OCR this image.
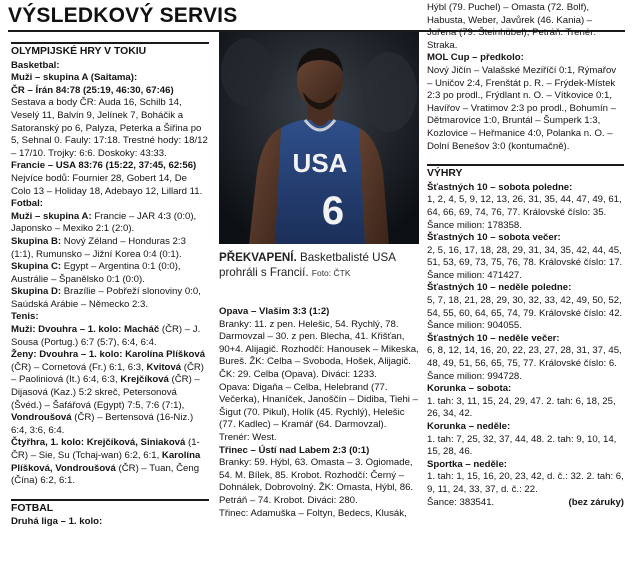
VÝSLEDKOVÝ SERVIS
OLYMPIJSKÉ HRY V TOKIU

Basketbal:

Muži – skupina A (Saitama):

ČR – Írán 84:78 (25:19, 46:30, 67:46)

Sestava a body ČR: Auda 16, Schilb 14, Veselý 11, Balvín 9, Jelínek 7, Boháčik a Satoranský po 6, Palyza, Peterka a Šiřina po 5, Sehnal 0. Fauly: 17:18. Trestné hody: 18/12 – 17/10. Trojky: 6:6. Doskoky: 43:33.

Francie – USA 83:76 (15:22, 37:45, 62:56)

Nejvíce bodů: Fournier 28, Gobert 14, De Colo 13 – Holiday 18, Adebayo 12, Lillard 11.

Fotbal:

Muži – skupina A: Francie – JAR 4:3 (0:0), Japonsko – Mexiko 2:1 (2:0).

Skupina B: Nový Zéland – Honduras 2:3 (1:1), Rumunsko – Jižní Korea 0:4 (0:1).

Skupina C: Egypt – Argentina 0:1 (0:0), Austrálie – Španělsko 0:1 (0:0).

Skupina D: Brazílie – Pobřeží slonoviny 0:0, Saúdská Arábie – Německo 2:3.

Tenis:

Muži: Dvouhra – 1. kolo: Macháč (ČR) – J. Sousa (Portug.) 6:7 (5:7), 6:4, 6:4.

Ženy: Dvouhra – 1. kolo: Karolína Plíšková (ČR) – Cornetová (Fr.) 6:1, 6:3, Kvitová (ČR) – Paoliniová (It.) 6:4, 6:3, Krejčíková (ČR) – Dijasová (Kaz.) 5:2 skreč, Petersonová (Švéd.) – Šafářová (Egypt) 7:5, 7:6 (7:1), Vondroušová (ČR) – Bertensová (16-Niz.) 6:4, 3:6, 6:4.

Čtyřhra, 1. kolo: Krejčíková, Siniaková (1-ČR) – Sie, Su (Tchaj-wan) 6:2, 6:1, Karolína Plíšková, Vondroušová (ČR) – Tuan, Čeng (Čína) 6:2, 6:1.

FOTBAL

Druhá liga – 1. kolo:

USA
6
PŘEKVAPENÍ. Basketbalisté USA prohráli s Francií. Foto: ČTK

Opava – Vlašim 3:3 (1:2)

Branky: 11. z pen. Helešic, 54. Rychlý, 78. Darmovzal – 30. z pen. Blecha, 41. Křišťan, 90+4. Alijagič. Rozhodčí: Hanousek – Mikeska, Bureš. ŽK: Celba – Svoboda, Hošek, Alijagič. ČK: 29. Celba (Opava). Diváci: 1233.

Opava: Digaňa – Celba, Helebrand (77. Večerka), Hnaníček, Janoščín – Didiba, Tiehi – Šigut (70. Pikul), Holík (45. Rychlý), Helešic (77. Kadlec) – Kramář (64. Darmovzal). Trenér: West.

Třinec – Ústí nad Labem 2:3 (0:1)

Branky: 59. Hýbl, 63. Omasta – 3. Ogiomade, 54. M. Bílek, 85. Krobot. Rozhodčí: Černý – Dohnálek, Dobrovolný. ŽK: Omasta, Hýbl, 86. Petráň – 74. Krobot. Diváci: 280.

Třinec: Adamuška – Foltyn, Bedecs, Klusák,

Hýbl (79. Puchel) – Omasta (72. Bolf), Habusta, Weber, Javůrek (46. Kania) – Juřena (79. Šteinhübel), Petráň. Trenér: Straka.

MOL Cup – předkolo:

Nový Jičín – Valašské Meziříčí 0:1, Rýmařov – Uničov 2:4, Frenštát p. R. – Frýdek-Místek 2:3 po prodl., Frýdlant n. O. – Vítkovice 0:1, Havířov – Vratimov 2:3 po prodl., Bohumín – Dětmarovice 1:0, Bruntál – Šumperk 1:3, Kozlovice – Heřmanice 4:0, Polanka n. O. – Dolní Benešov 3:0 (kontumačně).

VÝHRY

Šťastných 10 – sobota poledne:

1, 2, 4, 5, 9, 12, 13, 26, 31, 35, 44, 47, 49, 61, 64, 66, 69, 74, 76, 77. Královské číslo: 35. Šance milion: 178358.

Šťastných 10 – sobota večer:

2, 5, 16, 17, 18, 28, 29, 31, 34, 35, 42, 44, 45, 51, 53, 69, 73, 75, 76, 78. Královské číslo: 17. Šance milion: 471427.

Šťastných 10 – neděle poledne:

5, 7, 18, 21, 28, 29, 30, 32, 33, 42, 49, 50, 52, 54, 55, 60, 64, 65, 74, 79. Královské číslo: 42. Šance milion: 904055.

Šťastných 10 – neděle večer:

6, 8, 12, 14, 16, 20, 22, 23, 27, 28, 31, 37, 45, 48, 49, 51, 56, 65, 75, 77. Královské číslo: 6. Šance milion: 994728.

Korunka – sobota:

1. tah: 3, 11, 15, 24, 29, 47. 2. tah: 6, 18, 25, 26, 34, 42.

Korunka – neděle:

1. tah: 7, 25, 32, 37, 44, 48. 2. tah: 9, 10, 14, 15, 28, 46.

Sportka – neděle:

1. tah: 1, 15, 16, 20, 23, 42, d. č.: 32. 2. tah: 6, 9, 11, 24, 33, 37, d. č.: 22.

Šance: 383541.	(bez záruky)
